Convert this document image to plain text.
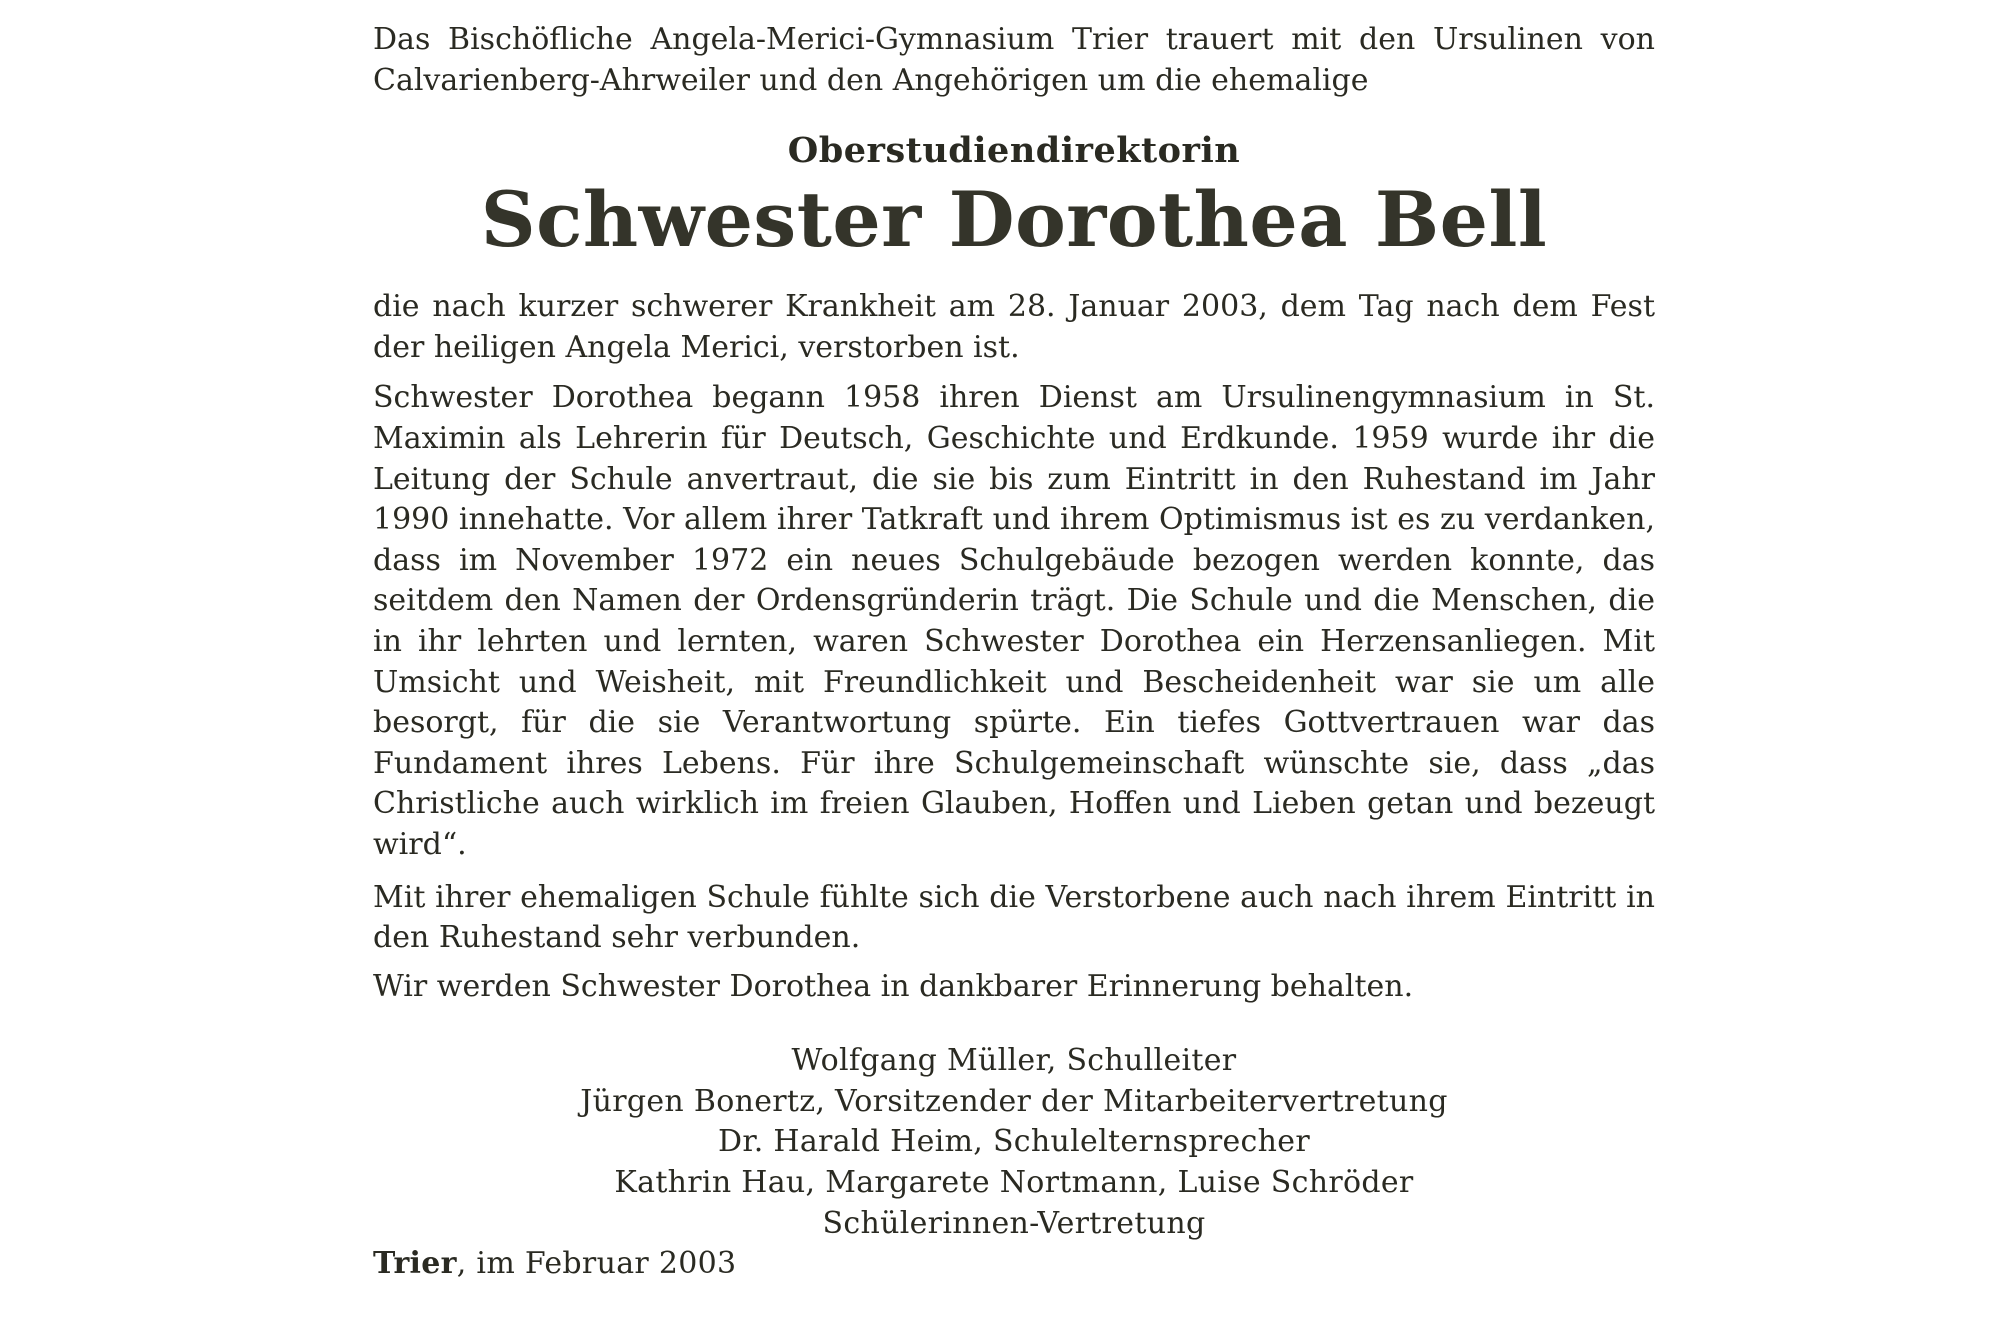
Das Bischöfliche Angela-Merici-Gymnasium Trier trauert mit den Ursulinen von Calvarienberg-Ahrweiler und den Angehörigen um die ehemalige

Oberstudiendirektorin

Schwester Dorothea Bell

die nach kurzer schwerer Krankheit am 28. Januar 2003, dem Tag nach dem Fest der heiligen Angela Merici, verstorben ist.

Schwester Dorothea begann 1958 ihren Dienst am Ursulinengymnasium in St. Maximin als Lehrerin für Deutsch, Geschichte und Erdkunde. 1959 wurde ihr die Leitung der Schule anvertraut, die sie bis zum Eintritt in den Ruhestand im Jahr 1990 innehatte. Vor allem ihrer Tatkraft und ihrem Optimismus ist es zu verdanken, dass im November 1972 ein neues Schulgebäude bezogen werden konnte, das seitdem den Namen der Ordensgründerin trägt. Die Schule und die Menschen, die in ihr lehrten und lernten, waren Schwester Dorothea ein Herzensanliegen. Mit Umsicht und Weisheit, mit Freundlichkeit und Bescheidenheit war sie um alle besorgt, für die sie Verantwortung spürte. Ein tiefes Gottvertrauen war das Fundament ihres Lebens. Für ihre Schulgemeinschaft wünschte sie, dass „das Christliche auch wirklich im freien Glauben, Hoffen und Lieben getan und bezeugt wird“.

Mit ihrer ehemaligen Schule fühlte sich die Verstorbene auch nach ihrem Eintritt in den Ruhestand sehr verbunden.

Wir werden Schwester Dorothea in dankbarer Erinnerung behalten.

Wolfgang Müller, Schulleiter
Jürgen Bonertz, Vorsitzender der Mitarbeitervertretung
Dr. Harald Heim, Schulelternsprecher
Kathrin Hau, Margarete Nortmann, Luise Schröder
Schülerinnen-Vertretung

Trier, im Februar 2003
